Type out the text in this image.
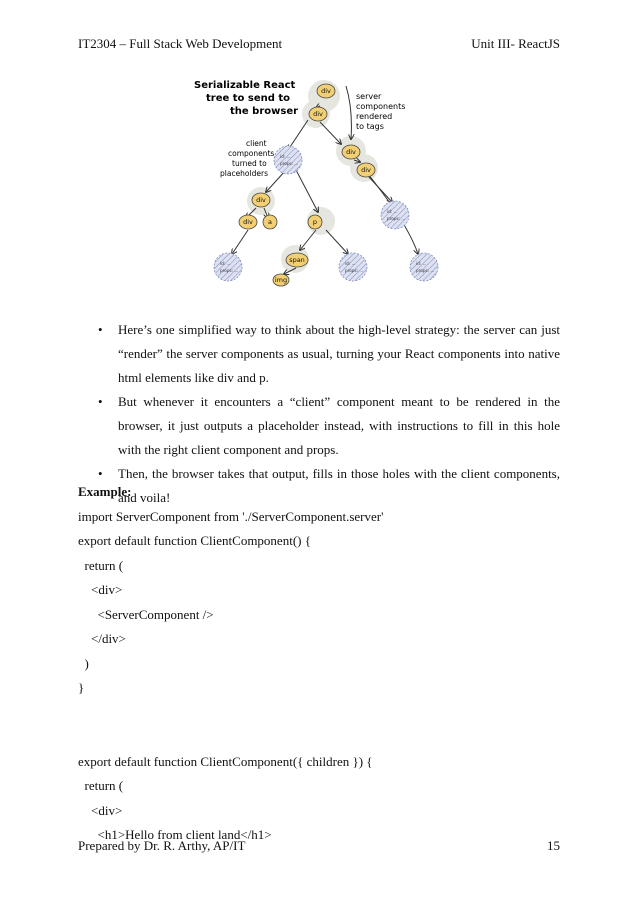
IT2304 – Full Stack Web Development	Unit III- ReactJS
Serializable React
tree to send to
the browser
server
components
rendered
to tags
client
components
turned to
placeholders
div
div
div
div
div
div a	p
span
img
id: ...
props: ...
id: ...
props: ...
id: ...
props: ...
id: ...
props: ...
id: ...
props: ...
• Here’s one simplified way to think about the high-level strategy: the server can just “render” the server components as usual, turning your React components into native html elements like div and p.
• But whenever it encounters a “client” component meant to be rendered in the browser, it just outputs a placeholder instead, with instructions to fill in this hole with the right client component and props.
• Then, the browser takes that output, fills in those holes with the client components, and voila!
Example:
import ServerComponent from './ServerComponent.server'
export default function ClientComponent() {
return (
<div>
<ServerComponent />
</div>
)
}
export default function ClientComponent({ children }) {
return (
<div>
<h1>Hello from client land</h1>
Prepared by Dr. R. Arthy, AP/IT	15
